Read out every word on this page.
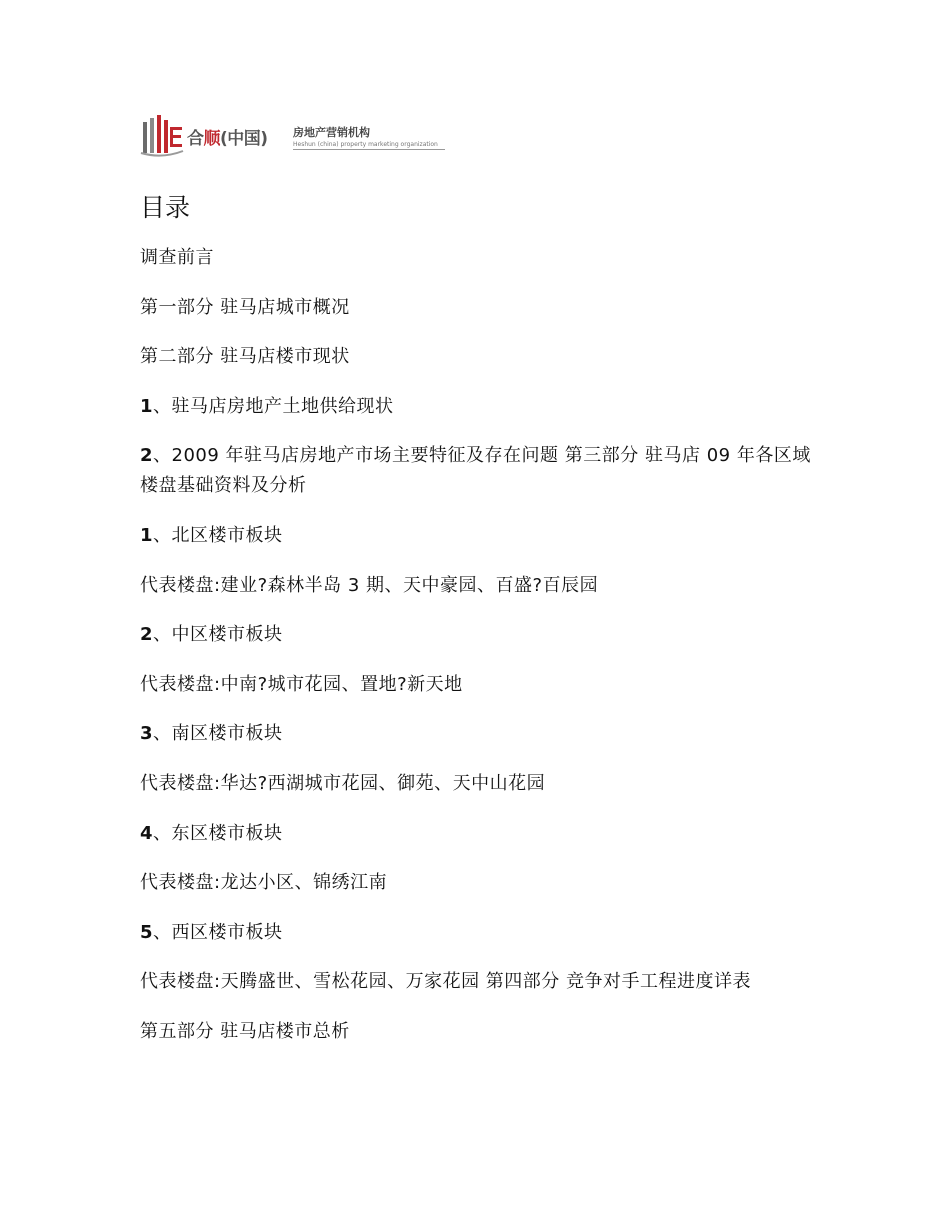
合顺(中国) 房地产营销机构
Heshun (china) property marketing organization
目录
调查前言
第一部分 驻马店城市概况
第二部分 驻马店楼市现状
1、驻马店房地产土地供给现状
2、2009 年驻马店房地产市场主要特征及存在问题 第三部分 驻马店 09 年各区域楼盘基础资料及分析
1、北区楼市板块
代表楼盘:建业?森林半岛 3 期、天中豪园、百盛?百辰园
2、中区楼市板块
代表楼盘:中南?城市花园、置地?新天地
3、南区楼市板块
代表楼盘:华达?西湖城市花园、御苑、天中山花园
4、东区楼市板块
代表楼盘:龙达小区、锦绣江南
5、西区楼市板块
代表楼盘:天腾盛世、雪松花园、万家花园 第四部分 竞争对手工程进度详表
第五部分 驻马店楼市总析
